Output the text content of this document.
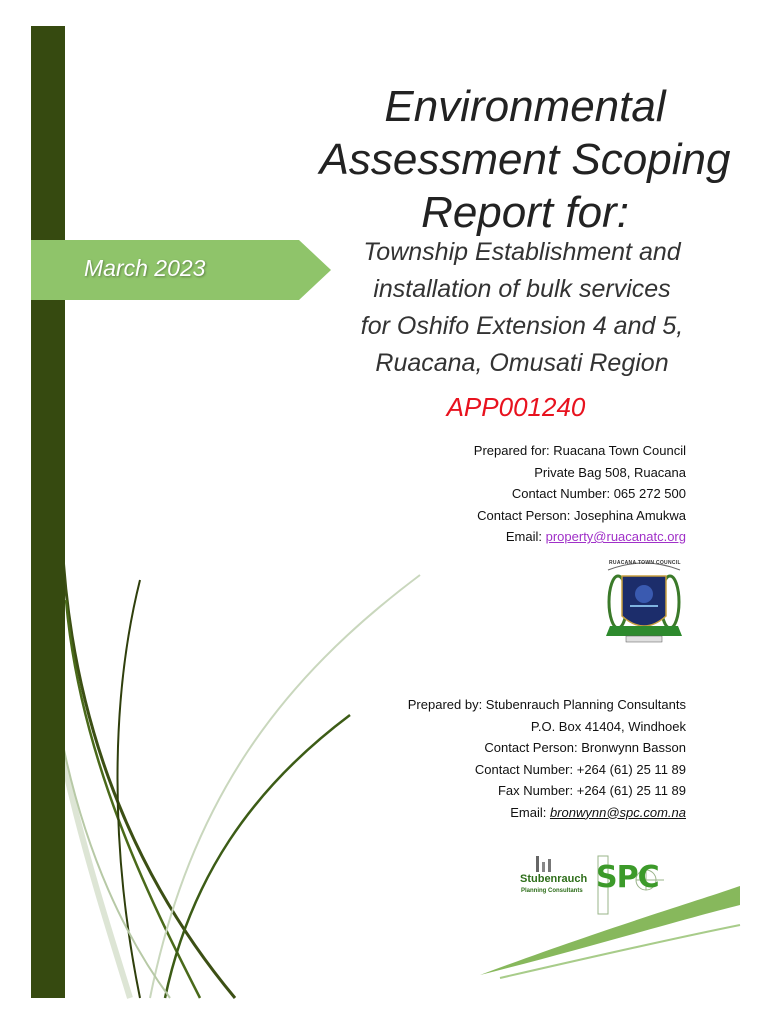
March 2023
Environmental
Assessment Scoping
Report for:
Township Establishment and
installation of bulk services
for Oshifo Extension 4 and 5,
Ruacana, Omusati Region
APP001240
Prepared for: Ruacana Town Council
Private Bag 508, Ruacana
Contact Number: 065 272 500
Contact Person: Josephina Amukwa
Email: property@ruacanatc.org
RUACANA TOWN COUNCIL
Prepared by: Stubenrauch Planning Consultants
P.O. Box 41404, Windhoek
Contact Person: Bronwynn Basson
Contact Number: +264 (61) 25 11 89
Fax Number: +264 (61) 25 11 89
Email: bronwynn@spc.com.na
Stubenrauch
Planning Consultants SPC
